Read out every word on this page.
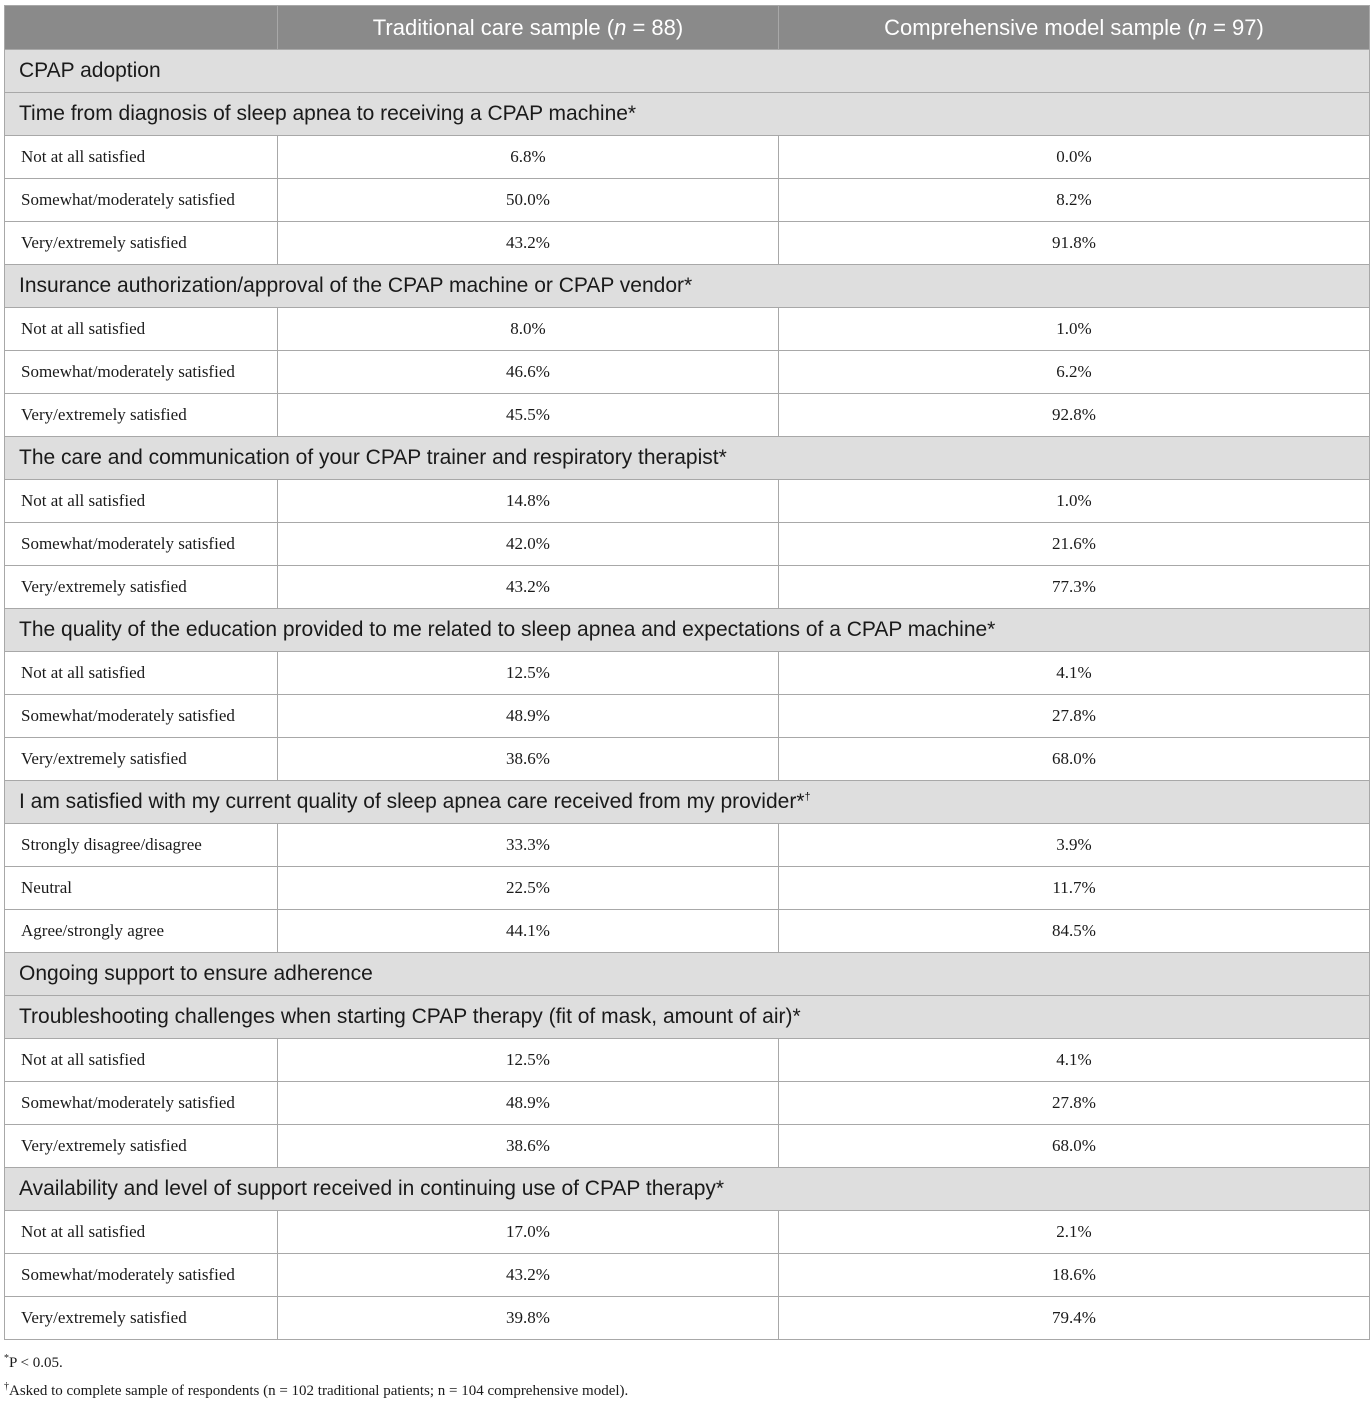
	Traditional care sample (n = 88)	Comprehensive model sample (n = 97)
CPAP adoption		
Time from diagnosis of sleep apnea to receiving a CPAP machine*		
Not at all satisfied	6.8%	0.0%
Somewhat/moderately satisfied	50.0%	8.2%
Very/extremely satisfied	43.2%	91.8%
Insurance authorization/approval of the CPAP machine or CPAP vendor*		
Not at all satisfied	8.0%	1.0%
Somewhat/moderately satisfied	46.6%	6.2%
Very/extremely satisfied	45.5%	92.8%
The care and communication of your CPAP trainer and respiratory therapist*		
Not at all satisfied	14.8%	1.0%
Somewhat/moderately satisfied	42.0%	21.6%
Very/extremely satisfied	43.2%	77.3%
The quality of the education provided to me related to sleep apnea and expectations of a CPAP machine*		
Not at all satisfied	12.5%	4.1%
Somewhat/moderately satisfied	48.9%	27.8%
Very/extremely satisfied	38.6%	68.0%
I am satisfied with my current quality of sleep apnea care received from my provider*†
Strongly disagree/disagree	33.3%	3.9%
Neutral	22.5%	11.7%
Agree/strongly agree	44.1%	84.5%
Ongoing support to ensure adherence		
Troubleshooting challenges when starting CPAP therapy (fit of mask, amount of air)*		
Not at all satisfied	12.5%	4.1%
Somewhat/moderately satisfied	48.9%	27.8%
Very/extremely satisfied	38.6%	68.0%
Availability and level of support received in continuing use of CPAP therapy*		
Not at all satisfied	17.0%	2.1%
Somewhat/moderately satisfied	43.2%	18.6%
Very/extremely satisfied	39.8%	79.4%
*P < 0.05.
†Asked to complete sample of respondents (n = 102 traditional patients; n = 104 comprehensive model).
